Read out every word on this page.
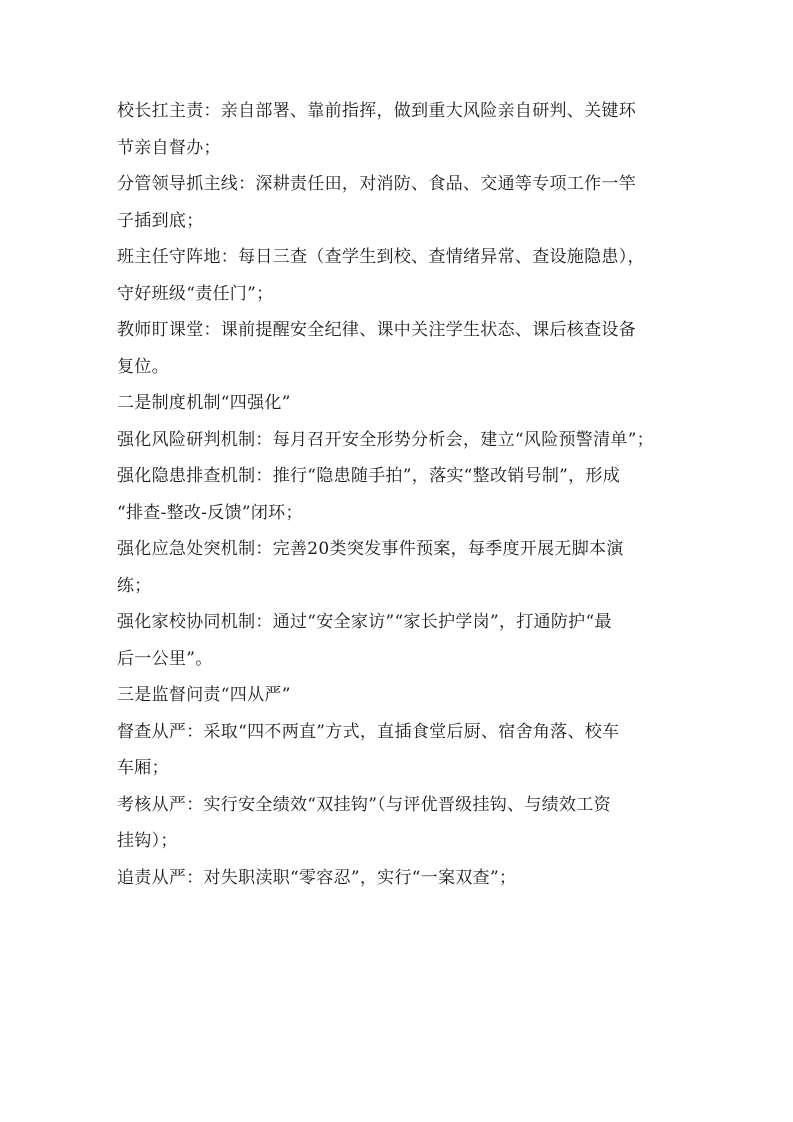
校长扛主责：亲自部署、靠前指挥，做到重大风险亲自研判、关键环
节亲自督办；
分管领导抓主线：深耕责任田，对消防、食品、交通等专项工作一竿
子插到底；
班主任守阵地：每日三查（查学生到校、查情绪异常、查设施隐患），
守好班级“责任门”；
教师盯课堂：课前提醒安全纪律、课中关注学生状态、课后核查设备
复位。
二是制度机制“四强化”
强化风险研判机制：每月召开安全形势分析会，建立“风险预警清单”；
强化隐患排查机制：推行“隐患随手拍”，落实“整改销号制”，形成
“排查-整改-反馈”闭环；
强化应急处突机制：完善20类突发事件预案，每季度开展无脚本演
练；
强化家校协同机制：通过“安全家访”“家长护学岗”，打通防护“最
后一公里”。
三是监督问责“四从严”
督查从严：采取“四不两直”方式，直插食堂后厨、宿舍角落、校车
车厢；
考核从严：实行安全绩效“双挂钩”（与评优晋级挂钩、与绩效工资
挂钩）；
追责从严：对失职渎职“零容忍”，实行“一案双查”；
